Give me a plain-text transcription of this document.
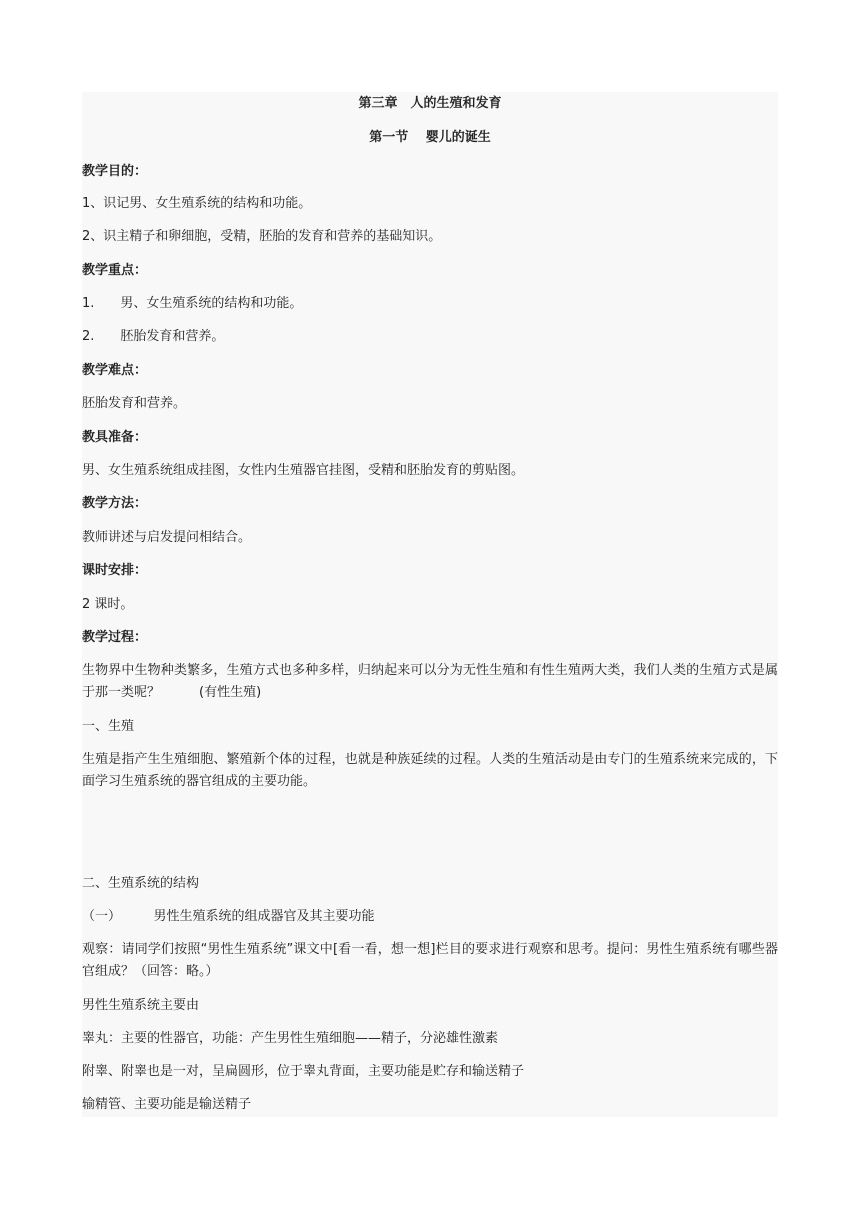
第三章　人的生殖和发育

第一节　 婴儿的诞生

教学目的：

1、识记男、女生殖系统的结构和功能。

2、识主精子和卵细胞，受精，胚胎的发育和营养的基础知识。

教学重点：

1.　　男、女生殖系统的结构和功能。

2.　　胚胎发育和营养。

教学难点：

胚胎发育和营养。

教具准备：

男、女生殖系统组成挂图，女性内生殖器官挂图，受精和胚胎发育的剪贴图。

教学方法：

教师讲述与启发提问相结合。

课时安排：

2 课时。

教学过程：

生物界中生物种类繁多，生殖方式也多种多样，归纳起来可以分为无性生殖和有性生殖两大类，我们人类的生殖方式是属于那一类呢？　　　(有性生殖)

一、生殖

生殖是指产生生殖细胞、繁殖新个体的过程，也就是种族延续的过程。人类的生殖活动是由专门的生殖系统来完成的，下面学习生殖系统的器官组成的主要功能。

二、生殖系统的结构

（一）　　　男性生殖系统的组成器官及其主要功能

观察：请同学们按照“男性生殖系统”课文中[看一看，想一想]栏目的要求进行观察和思考。提问：男性生殖系统有哪些器官组成？（回答：略。）

男性生殖系统主要由

睾丸：主要的性器官，功能：产生男性生殖细胞——精子，分泌雄性激素

附睾、附睾也是一对，呈扁圆形，位于睾丸背面，主要功能是贮存和输送精子

输精管、主要功能是输送精子
